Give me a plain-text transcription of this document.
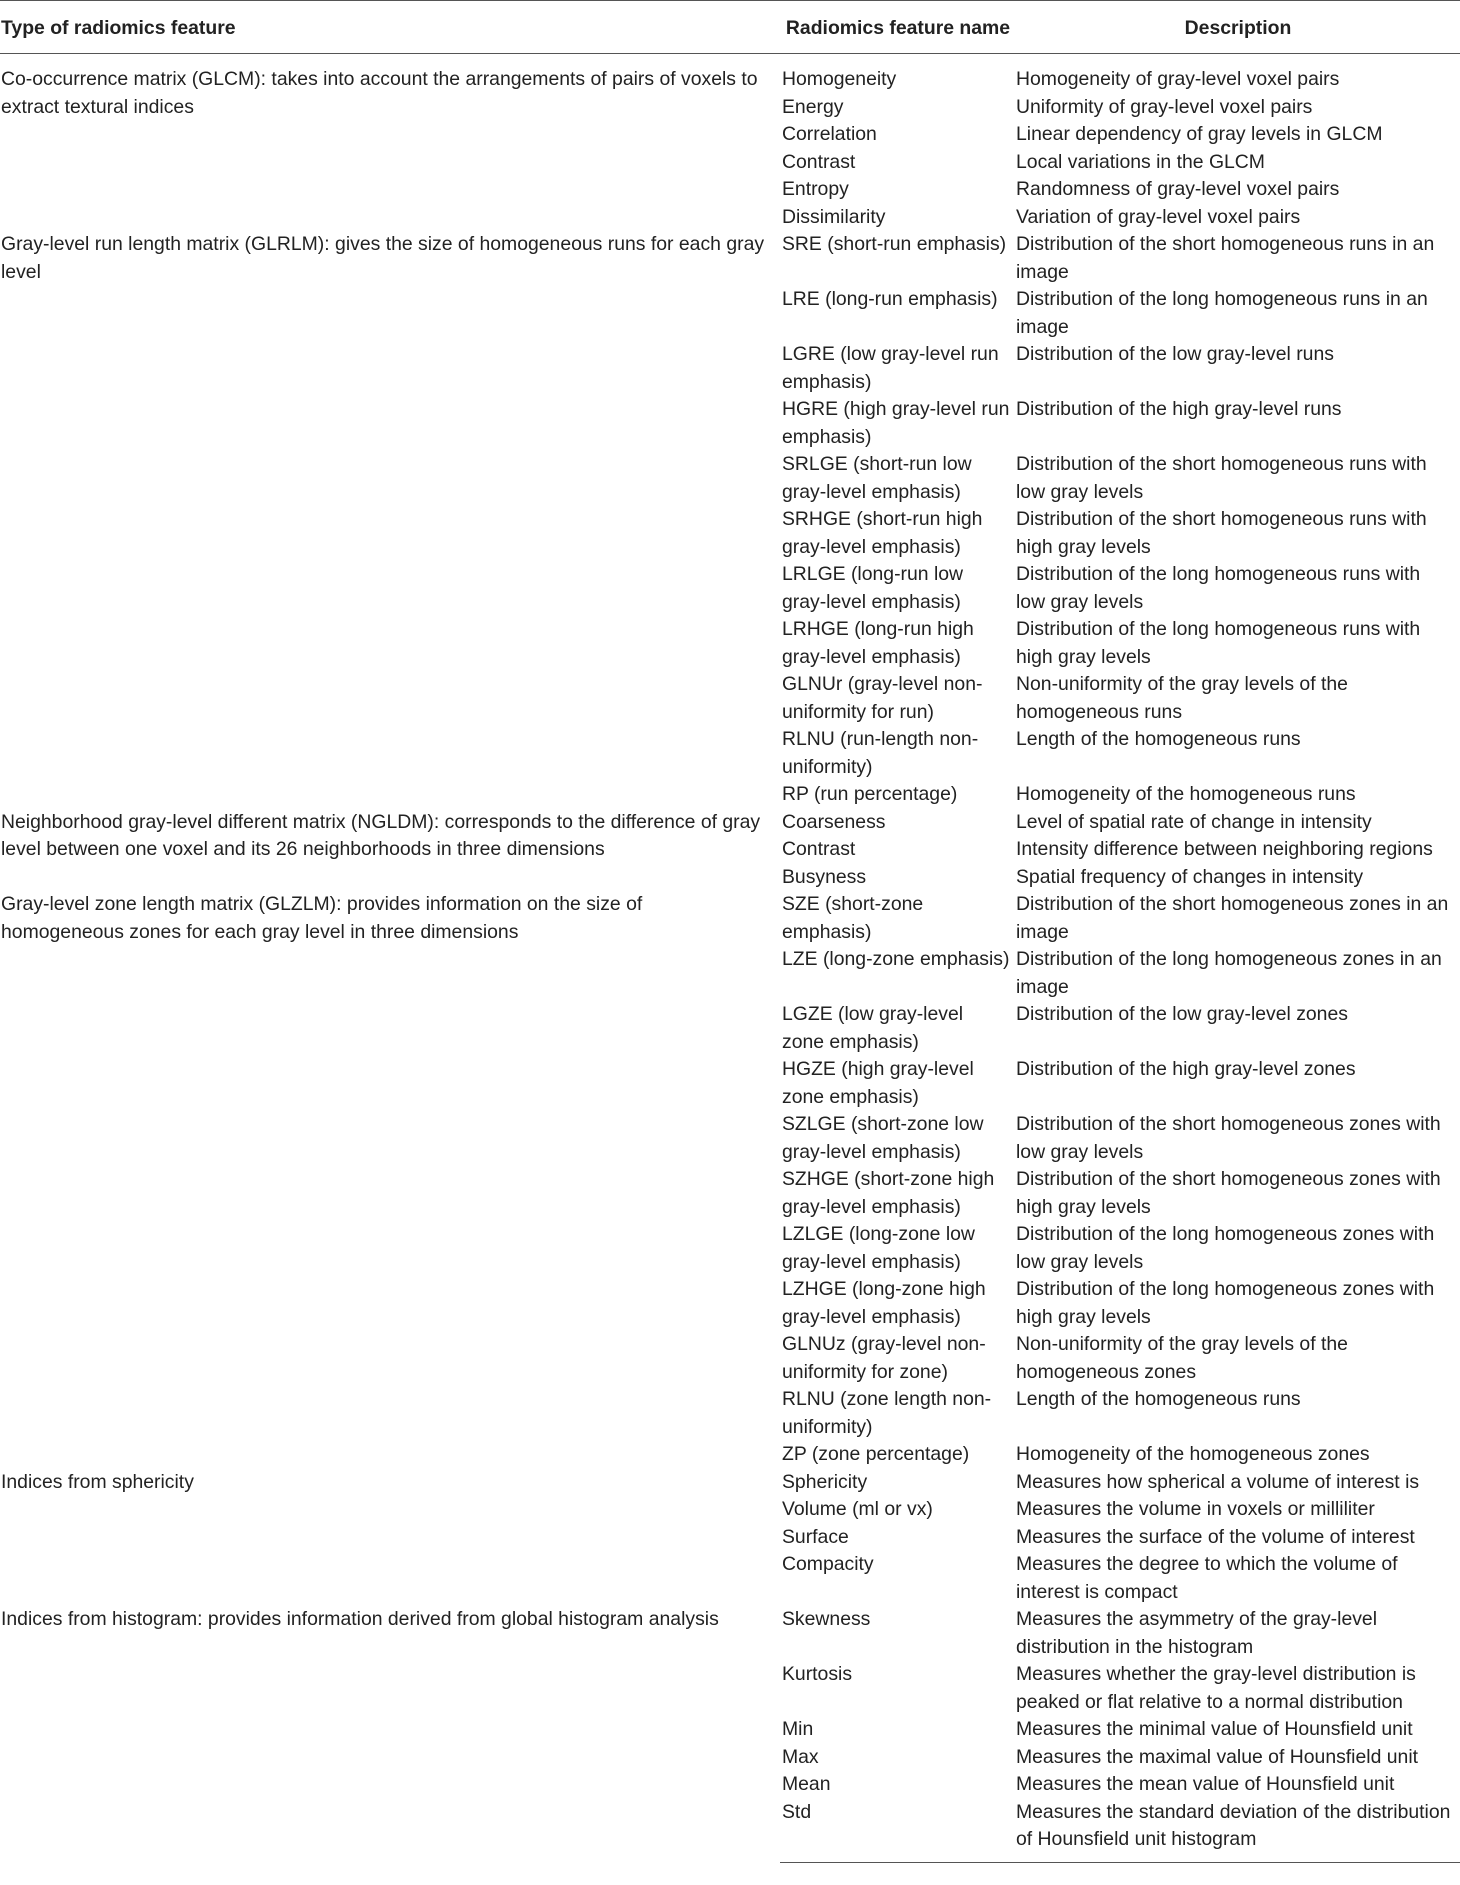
Type of radiomics feature	Radiomics feature name	Description
Co-occurrence matrix (GLCM): takes into account the arrangements of pairs of voxels to extract textural indices	Homogeneity	Homogeneity of gray-level voxel pairs
	Energy	Uniformity of gray-level voxel pairs
	Correlation	Linear dependency of gray levels in GLCM
	Contrast	Local variations in the GLCM
	Entropy	Randomness of gray-level voxel pairs
	Dissimilarity	Variation of gray-level voxel pairs
Gray-level run length matrix (GLRLM): gives the size of homogeneous runs for each gray level	SRE (short-run emphasis)	Distribution of the short homogeneous runs in an image
	LRE (long-run emphasis)	Distribution of the long homogeneous runs in an image
	LGRE (low gray-level run emphasis)	Distribution of the low gray-level runs
	HGRE (high gray-level run emphasis)	Distribution of the high gray-level runs
	SRLGE (short-run low gray-level emphasis)	Distribution of the short homogeneous runs with low gray levels
	SRHGE (short-run high gray-level emphasis)	Distribution of the short homogeneous runs with high gray levels
	LRLGE (long-run low gray-level emphasis)	Distribution of the long homogeneous runs with low gray levels
	LRHGE (long-run high gray-level emphasis)	Distribution of the long homogeneous runs with high gray levels
	GLNUr (gray-level non-uniformity for run)	Non-uniformity of the gray levels of the homogeneous runs
	RLNU (run-length non-uniformity)	Length of the homogeneous runs
	RP (run percentage)	Homogeneity of the homogeneous runs
Neighborhood gray-level different matrix (NGLDM): corresponds to the difference of gray level between one voxel and its 26 neighborhoods in three dimensions	Coarseness	Level of spatial rate of change in intensity
	Contrast	Intensity difference between neighboring regions
	Busyness	Spatial frequency of changes in intensity
Gray-level zone length matrix (GLZLM): provides information on the size of homogeneous zones for each gray level in three dimensions	SZE (short-zone emphasis)	Distribution of the short homogeneous zones in an image
	LZE (long-zone emphasis)	Distribution of the long homogeneous zones in an image
	LGZE (low gray-level zone emphasis)	Distribution of the low gray-level zones
	HGZE (high gray-level zone emphasis)	Distribution of the high gray-level zones
	SZLGE (short-zone low gray-level emphasis)	Distribution of the short homogeneous zones with low gray levels
	SZHGE (short-zone high gray-level emphasis)	Distribution of the short homogeneous zones with high gray levels
	LZLGE (long-zone low gray-level emphasis)	Distribution of the long homogeneous zones with low gray levels
	LZHGE (long-zone high gray-level emphasis)	Distribution of the long homogeneous zones with high gray levels
	GLNUz (gray-level non-uniformity for zone)	Non-uniformity of the gray levels of the homogeneous zones
	RLNU (zone length non-uniformity)	Length of the homogeneous runs
	ZP (zone percentage)	Homogeneity of the homogeneous zones
Indices from sphericity	Sphericity	Measures how spherical a volume of interest is
	Volume (ml or vx)	Measures the volume in voxels or milliliter
	Surface	Measures the surface of the volume of interest
	Compacity	Measures the degree to which the volume of interest is compact
Indices from histogram: provides information derived from global histogram analysis	Skewness	Measures the asymmetry of the gray-level distribution in the histogram
	Kurtosis	Measures whether the gray-level distribution is peaked or flat relative to a normal distribution
	Min	Measures the minimal value of Hounsfield unit
	Max	Measures the maximal value of Hounsfield unit
	Mean	Measures the mean value of Hounsfield unit
	Std	Measures the standard deviation of the distribution of Hounsfield unit histogram
